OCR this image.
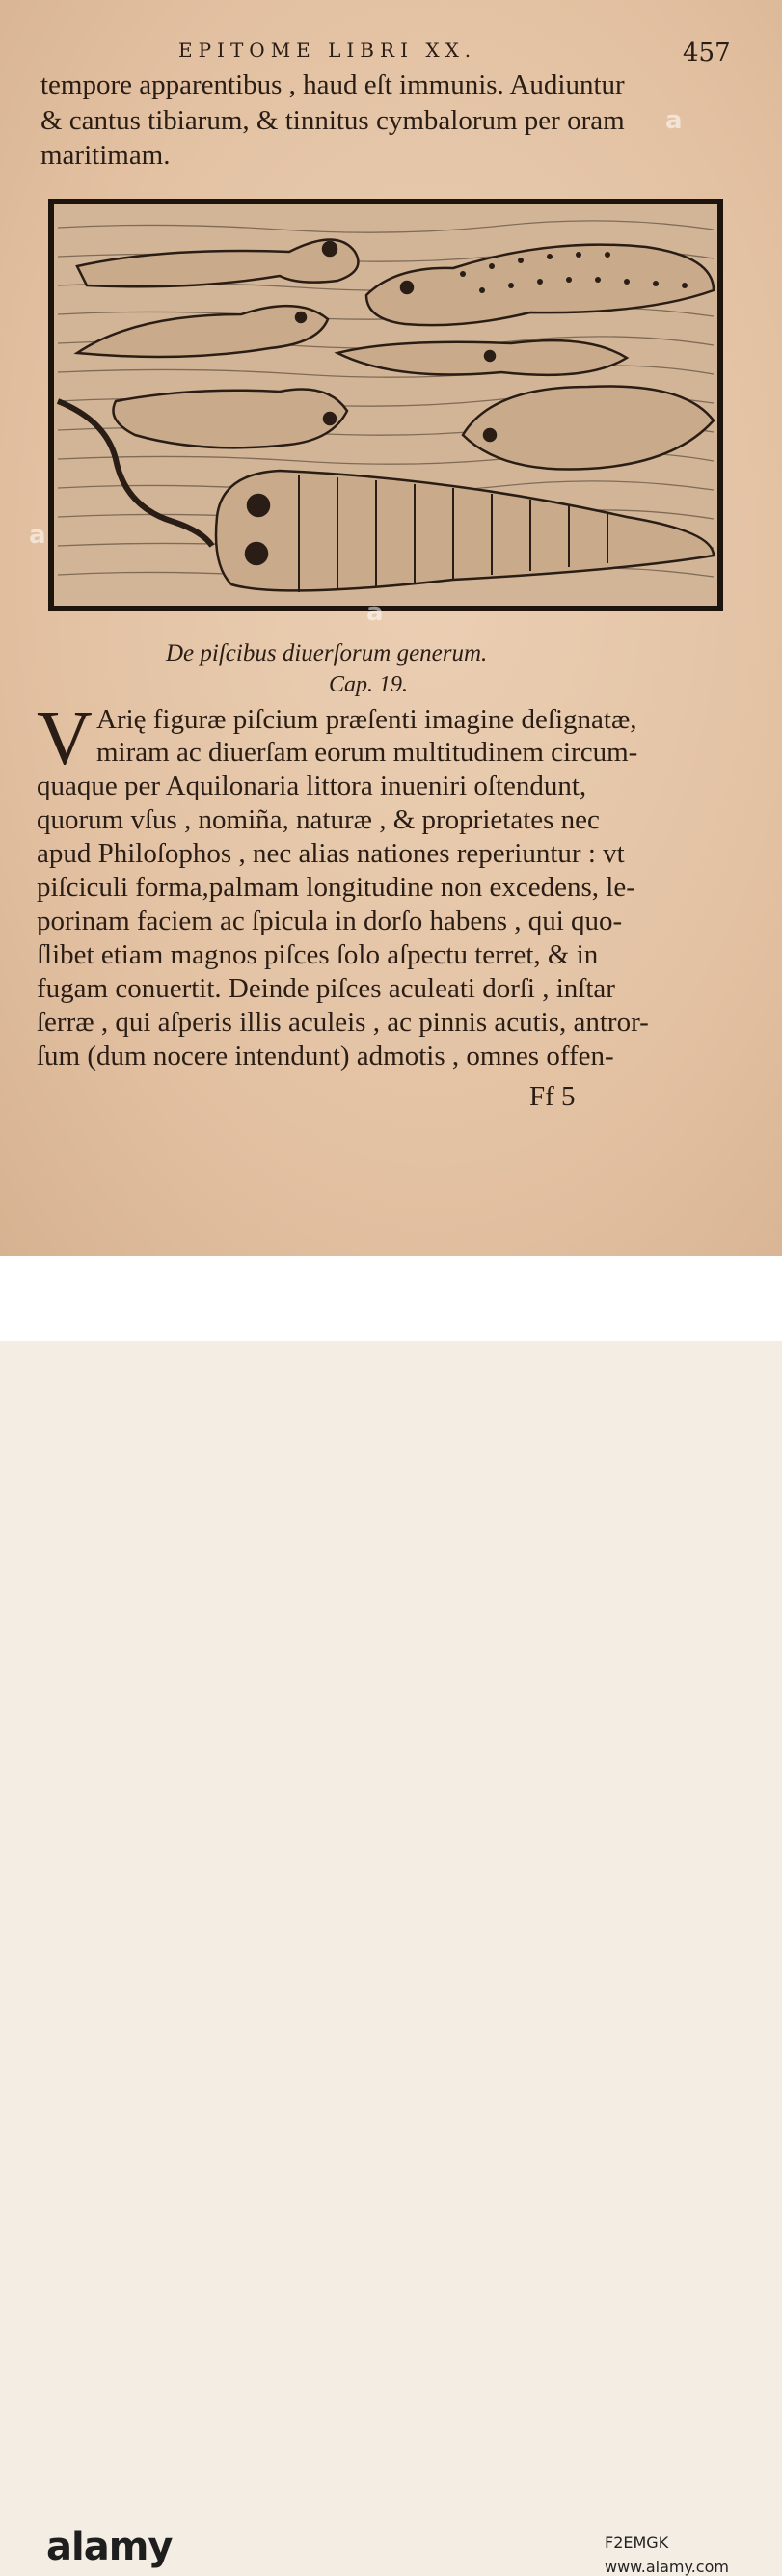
EPITOME LIBRI XX.	457
tempore apparentibus , haud eſt immunis. Audiuntur
& cantus tibiarum, & tinnitus cymbalorum per oram
maritimam.
De piſcibus diuerſorum generum.
Cap. 19.
V Arię figuræ piſcium præſenti imagine deſignatæ,
miram ac diuerſam eorum multitudinem circum-
quaque per Aquilonaria littora inueniri oſtendunt,
quorum vſus , nomiña, naturæ , & proprietates nec
apud Philoſophos , nec alias nationes reperiuntur : vt
piſciculi forma,palmam longitudine non excedens, le-
porinam faciem ac ſpicula in dorſo habens , qui quo-
ſlibet etiam magnos piſces ſolo aſpectu terret, & in
fugam conuertit. Deinde piſces aculeati dorſi , inſtar
ſerræ , qui aſperis illis aculeis , ac pinnis acutis, antror-
ſum (dum nocere intendunt) admotis , omnes offen-
Ff 5
a
a
a
alamy	F2EMGK
www.alamy.com
